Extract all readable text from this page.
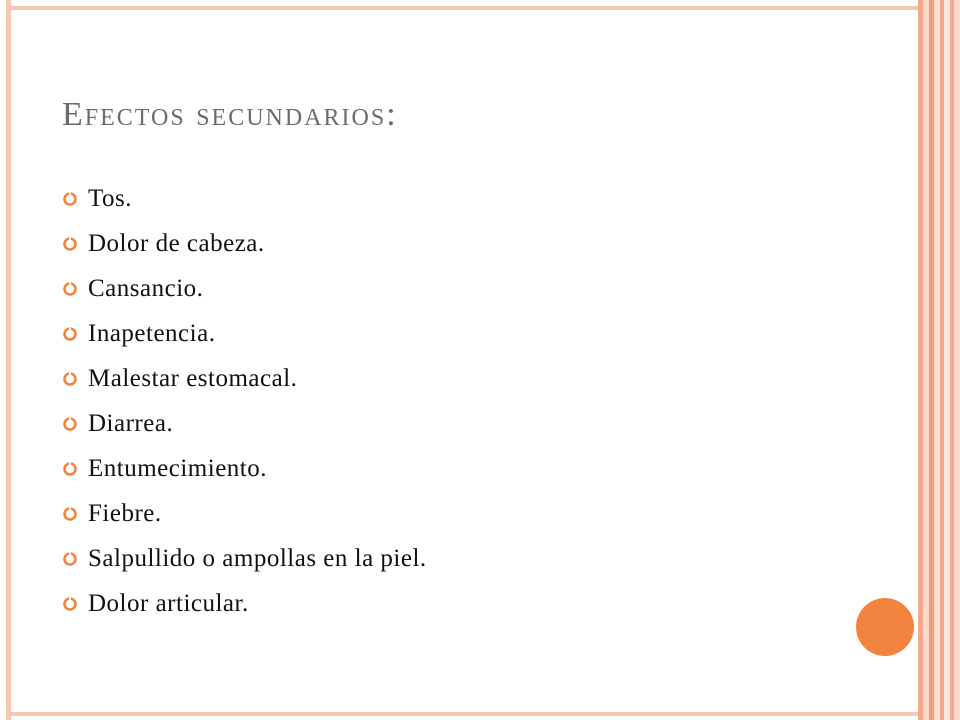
Efectos secundarios:
Tos.
Dolor de cabeza.
Cansancio.
Inapetencia.
Malestar estomacal.
Diarrea.
Entumecimiento.
Fiebre.
Salpullido o ampollas en la piel.
Dolor articular.
